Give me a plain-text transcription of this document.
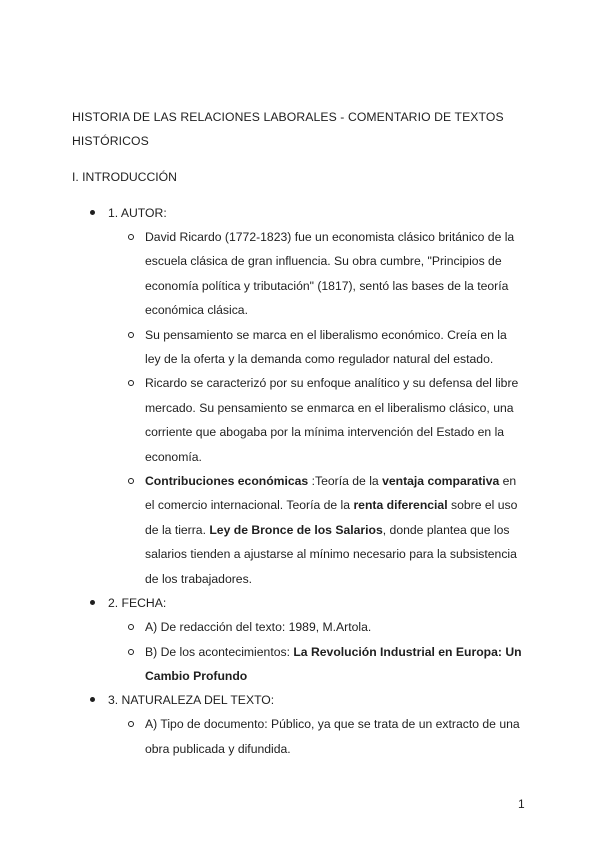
HISTORIA DE LAS RELACIONES LABORALES - COMENTARIO DE TEXTOS HISTÓRICOS
I. INTRODUCCIÓN
1. AUTOR:
David Ricardo (1772-1823) fue un economista clásico británico de la escuela clásica de gran influencia. Su obra cumbre, "Principios de economía política y tributación" (1817), sentó las bases de la teoría económica clásica.
Su pensamiento se marca en el liberalismo económico. Creía en la ley de la oferta y la demanda como regulador natural del estado.
Ricardo se caracterizó por su enfoque analítico y su defensa del libre mercado. Su pensamiento se enmarca en el liberalismo clásico, una corriente que abogaba por la mínima intervención del Estado en la economía.
Contribuciones económicas :Teoría de la ventaja comparativa en el comercio internacional. Teoría de la renta diferencial sobre el uso de la tierra. Ley de Bronce de los Salarios, donde plantea que los salarios tienden a ajustarse al mínimo necesario para la subsistencia de los trabajadores.
2. FECHA:
A) De redacción del texto: 1989, M.Artola.
B) De los acontecimientos: La Revolución Industrial en Europa: Un Cambio Profundo
3. NATURALEZA DEL TEXTO:
A) Tipo de documento: Público, ya que se trata de un extracto de una obra publicada y difundida.
1
